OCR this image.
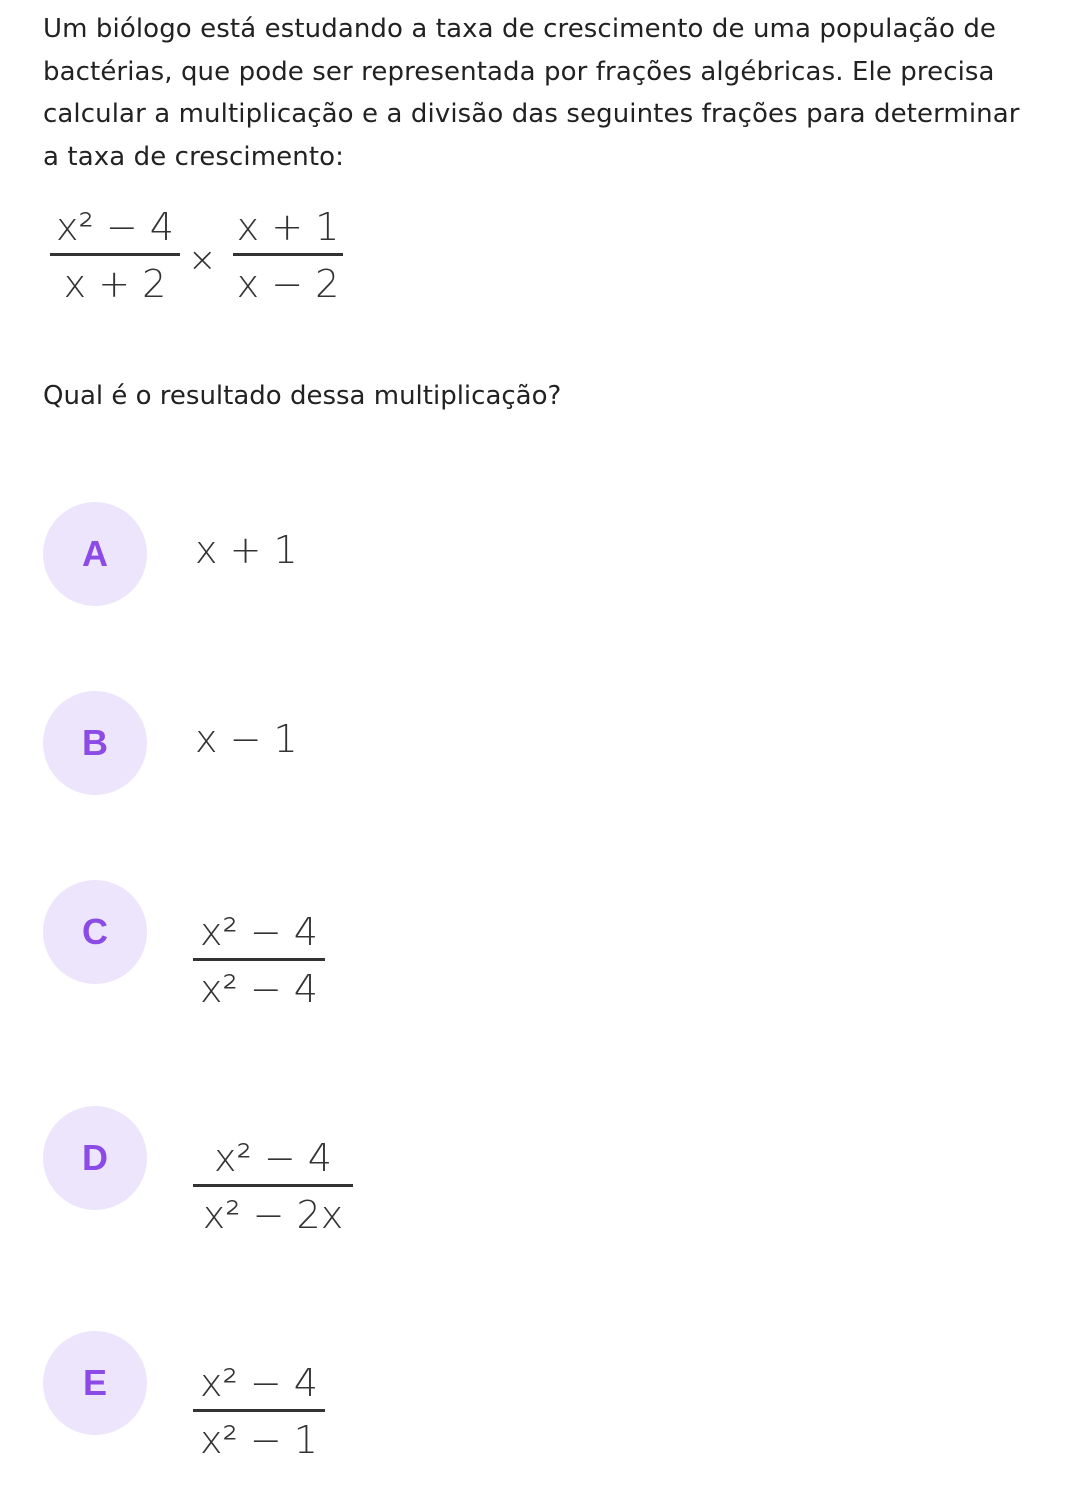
Um biólogo está estudando a taxa de crescimento de uma população de bactérias, que pode ser representada por frações algébricas. Ele precisa calcular a multiplicação e a divisão das seguintes frações para determinar a taxa de crescimento:
x² − 4
x + 2
×
x + 1
x − 2
Qual é o resultado dessa multiplicação?
A	x + 1
B	x − 1
C	x² − 4
x² − 4
D	x² − 4
x² − 2x
E	x² − 4
x² − 1
